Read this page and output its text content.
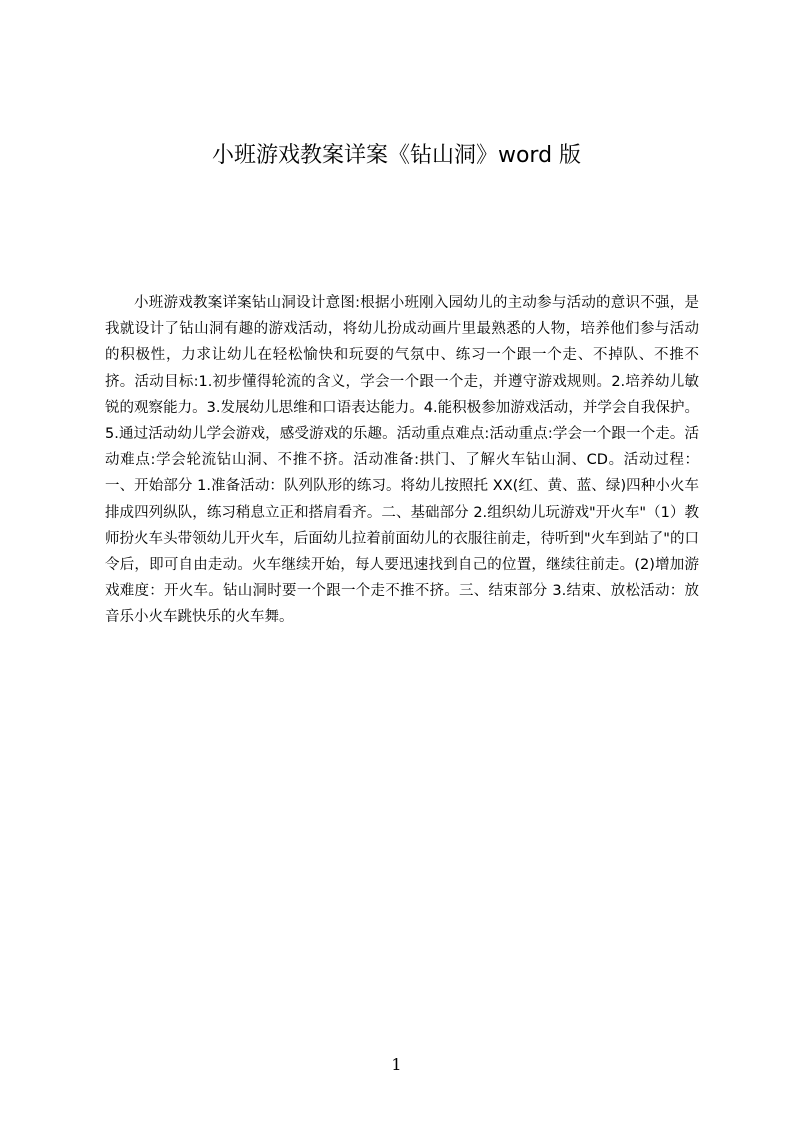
小班游戏教案详案《钻山洞》word 版
小班游戏教案详案钻山洞设计意图:根据小班刚入园幼儿的主动参与活动的意识不强，是我就设计了钻山洞有趣的游戏活动，将幼儿扮成动画片里最熟悉的人物，培养他们参与活动的积极性，力求让幼儿在轻松愉快和玩耍的气氛中、练习一个跟一个走、不掉队、不推不挤。活动目标:1.初步懂得轮流的含义，学会一个跟一个走，并遵守游戏规则。2.培养幼儿敏锐的观察能力。3.发展幼儿思维和口语表达能力。4.能积极参加游戏活动，并学会自我保护。5.通过活动幼儿学会游戏，感受游戏的乐趣。活动重点难点:活动重点:学会一个跟一个走。活动难点:学会轮流钻山洞、不推不挤。活动准备:拱门、了解火车钻山洞、CD。活动过程：一、开始部分 1.准备活动：队列队形的练习。将幼儿按照托 XX(红、黄、蓝、绿)四种小火车排成四列纵队，练习稍息立正和搭肩看齐。二、基础部分 2.组织幼儿玩游戏"开火车"（1）教师扮火车头带领幼儿开火车，后面幼儿拉着前面幼儿的衣服往前走，待听到"火车到站了"的口令后，即可自由走动。火车继续开始，每人要迅速找到自己的位置，继续往前走。(2)增加游戏难度：开火车。钻山洞时要一个跟一个走不推不挤。三、结束部分 3.结束、放松活动：放音乐小火车跳快乐的火车舞。
1
